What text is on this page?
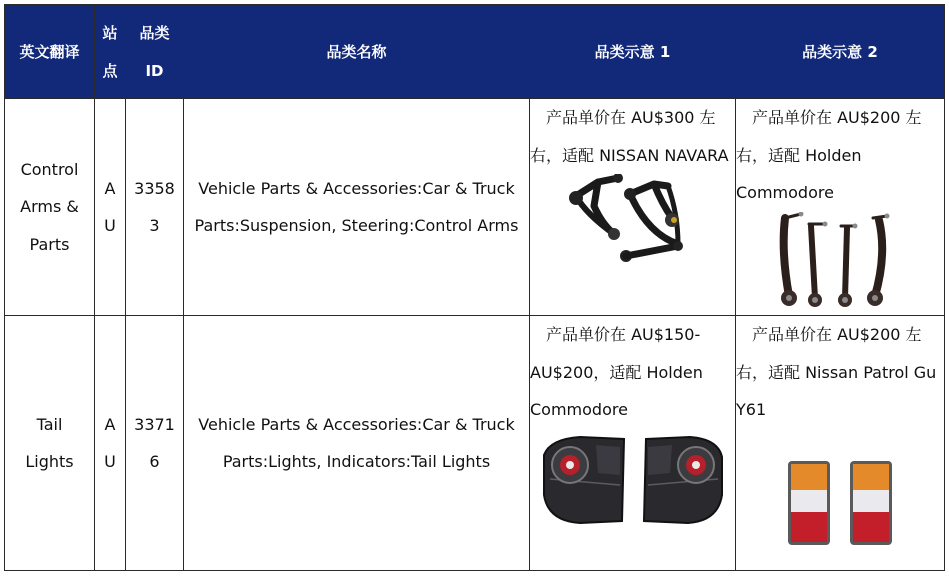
英文翻译	站点	品类ID	品类名称	品类示意 1	品类示意 2
Control Arms & Parts	AU	33583	Vehicle Parts & Accessories:Car & Truck Parts:Suspension, Steering:Control Arms	产品单价在 AU$300 左右，适配 NISSAN NAVARA	产品单价在 AU$200 左右，适配 Holden Commodore

Tail Lights	AU	33716	Vehicle Parts & Accessories:Car & Truck Parts:Lights, Indicators:Tail Lights	产品单价在 AU$150-AU$200，适配 Holden Commodore	产品单价在 AU$200 左右，适配 Nissan Patrol Gu Y61
